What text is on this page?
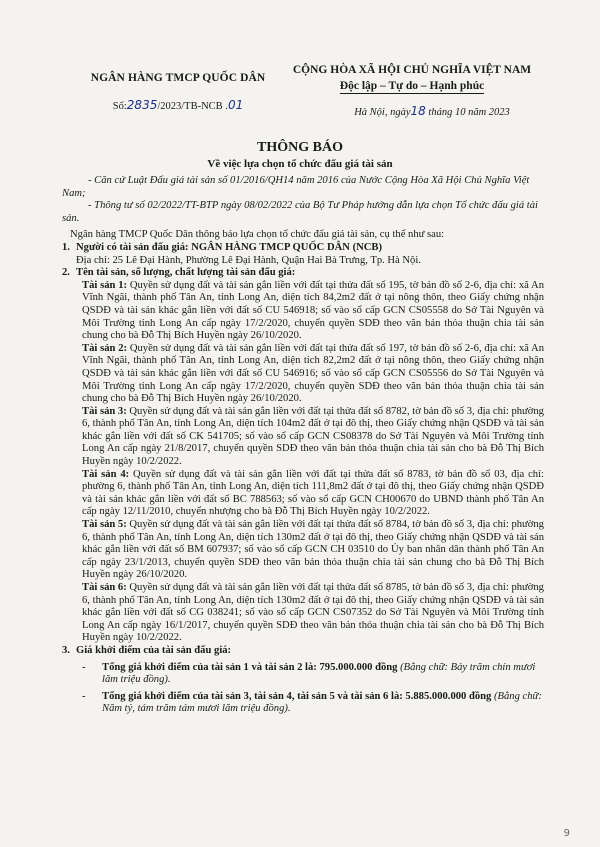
NGÂN HÀNG TMCP QUỐC DÂN
Số:2835/2023/TB-NCB .01
CỘNG HÒA XÃ HỘI CHỦ NGHĨA VIỆT NAM
Độc lập – Tự do – Hạnh phúc
Hà Nội, ngày18 tháng 10 năm 2023
THÔNG BÁO
Về việc lựa chọn tổ chức đấu giá tài sản

- Căn cứ Luật Đấu giá tài sản số 01/2016/QH14 năm 2016 của Nước Cộng Hòa Xã Hội Chủ Nghĩa Việt Nam;

- Thông tư số 02/2022/TT-BTP ngày 08/02/2022 của Bộ Tư Pháp hướng dẫn lựa chọn Tổ chức đấu giá tài sản.

Ngân hàng TMCP Quốc Dân thông báo lựa chọn tổ chức đấu giá tài sản, cụ thể như sau:

1. Người có tài sản đấu giá: NGÂN HÀNG TMCP QUỐC DÂN (NCB)
Địa chỉ: 25 Lê Đại Hành, Phường Lê Đại Hành, Quận Hai Bà Trưng, Tp. Hà Nội.
2. Tên tài sản, số lượng, chất lượng tài sản đấu giá:

Tài sản 1: Quyền sử dụng đất và tài sản gắn liền với đất tại thửa đất số 195, tờ bản đồ số 2-6, địa chỉ: xã An Vĩnh Ngãi, thành phố Tân An, tỉnh Long An, diện tích 84,2m2 đất ở tại nông thôn, theo Giấy chứng nhận QSDĐ và tài sản khác gắn liền với đất số CU 546918; số vào sổ cấp GCN CS05558 do Sở Tài Nguyên và Môi Trường tỉnh Long An cấp ngày 17/2/2020, chuyển quyền SDĐ theo văn bản thỏa thuận chia tài sản chung cho bà Đỗ Thị Bích Huyền ngày 26/10/2020.

Tài sản 2: Quyền sử dụng đất và tài sản gắn liền với đất tại thửa đất số 197, tờ bản đồ số 2-6, địa chỉ: xã An Vĩnh Ngãi, thành phố Tân An, tỉnh Long An, diện tích 82,2m2 đất ở tại nông thôn, theo Giấy chứng nhận QSDĐ và tài sản khác gắn liền với đất số CU 546916; số vào sổ cấp GCN CS05556 do Sở Tài Nguyên và Môi Trường tỉnh Long An cấp ngày 17/2/2020, chuyển quyền SDĐ theo văn bản thỏa thuận chia tài sản chung cho bà Đỗ Thị Bích Huyền ngày 26/10/2020.

Tài sản 3: Quyền sử dụng đất và tài sản gắn liền với đất tại thửa đất số 8782, tờ bản đồ số 3, địa chỉ: phường 6, thành phố Tân An, tỉnh Long An, diện tích 104m2 đất ở tại đô thị, theo Giấy chứng nhận QSDĐ và tài sản khác gắn liền với đất số CK 541705; số vào sổ cấp GCN CS08378 do Sở Tài Nguyên và Môi Trường tỉnh Long An cấp ngày 21/8/2017, chuyển quyền SDĐ theo văn bản thỏa thuận chia tài sản cho bà Đỗ Thị Bích Huyền ngày 10/2/2022.

Tài sản 4: Quyền sử dụng đất và tài sản gắn liền với đất tại thửa đất số 8783, tờ bản đồ số 03, địa chỉ: phường 6, thành phố Tân An, tỉnh Long An, diện tích 111,8m2 đất ở tại đô thị, theo Giấy chứng nhận QSDĐ và tài sản khác gắn liền với đất số BC 788563; số vào sổ cấp GCN CH00670 do UBND thành phố Tân An cấp ngày 12/11/2010, chuyển nhượng cho bà Đỗ Thị Bích Huyền ngày 10/2/2022.

Tài sản 5: Quyền sử dụng đất và tài sản gắn liền với đất tại thửa đất số 8784, tờ bản đồ số 3, địa chỉ: phường 6, thành phố Tân An, tỉnh Long An, diện tích 130m2 đất ở tại đô thị, theo Giấy chứng nhận QSDĐ và tài sản khác gắn liền với đất số BM 607937; số vào sổ cấp GCN CH 03510 do Ủy ban nhân dân thành phố Tân An cấp ngày 23/1/2013, chuyển quyền SDĐ theo văn bản thỏa thuận chia tài sản chung cho bà Đỗ Thị Bích Huyền ngày 26/10/2020.

Tài sản 6: Quyền sử dụng đất và tài sản gắn liền với đất tại thửa đất số 8785, tờ bản đồ số 3, địa chỉ: phường 6, thành phố Tân An, tỉnh Long An, diện tích 130m2 đất ở tại đô thị, theo Giấy chứng nhận QSDĐ và tài sản khác gắn liền với đất số CG 038241; số vào sổ cấp GCN CS07352 do Sở Tài Nguyên và Môi Trường tỉnh Long An cấp ngày 16/1/2017, chuyển quyền SDĐ theo văn bản thỏa thuận chia tài sản cho bà Đỗ Thị Bích Huyền ngày 10/2/2022.

3. Giá khởi điểm của tài sản đấu giá:
-	Tổng giá khởi điểm của tài sản 1 và tài sản 2 là: 795.000.000 đồng (Bằng chữ: Bảy trăm chín mươi lăm triệu đồng).
-	Tổng giá khởi điểm của tài sản 3, tài sản 4, tài sản 5 và tài sản 6 là: 5.885.000.000 đồng (Bằng chữ: Năm tỷ, tám trăm tám mươi lăm triệu đồng).
9
